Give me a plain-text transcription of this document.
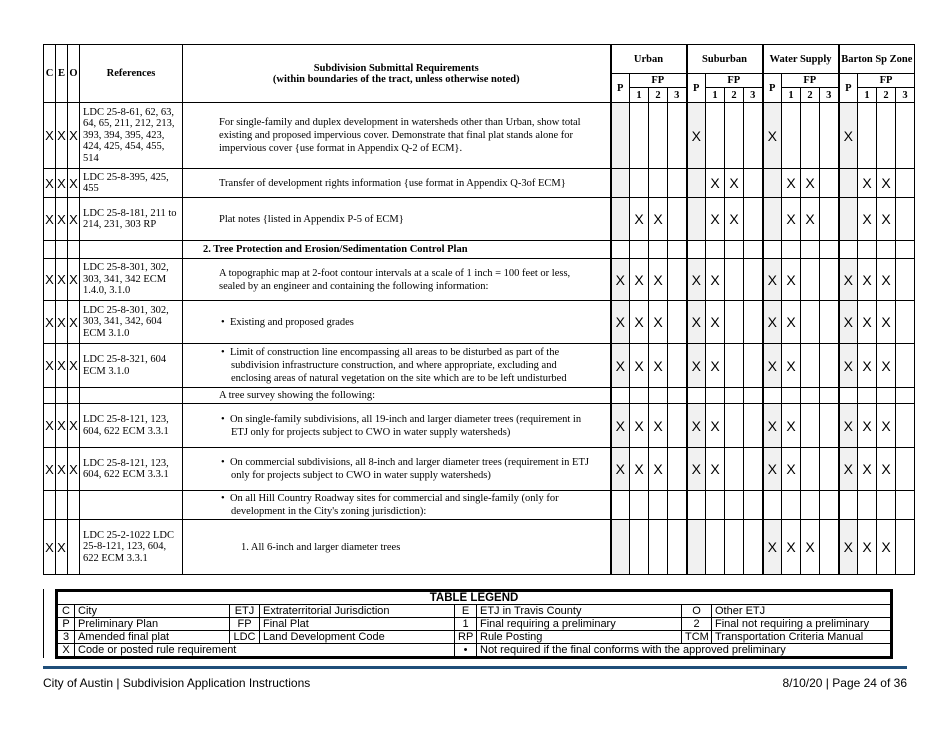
C	E	O	References	Subdivision Submittal Requirements
(within boundaries of the tract, unless otherwise noted)	Urban				Suburban				Water Supply				Barton Sp Zone			
					P	FP			P	FP			P	FP			P	FP		
						1	2	3		1	2	3		1	2	3		1	2	3
X	X	X	LDC 25-8-61, 62, 63, 64, 65, 211, 212, 213, 393, 394, 395, 423, 424, 425, 454, 455, 514	For single-family and duplex development in watersheds other than Urban, show total existing and proposed impervious cover. Demonstrate that final plat stands alone for impervious cover {use format in Appendix Q-2 of ECM}.					X				X				X			
X	X	X	LDC 25-8-395, 425, 455	Transfer of development rights information {use format in Appendix Q-3of ECM}						X	X			X	X			X	X	
X	X	X	LDC 25-8-181, 211 to 214, 231, 303 RP	Plat notes {listed in Appendix P-5 of ECM}		X	X			X	X			X	X			X	X	
				2. Tree Protection and Erosion/Sedimentation Control Plan																
X	X	X	LDC 25-8-301, 302, 303, 341, 342 ECM 1.4.0, 3.1.0	A topographic map at 2-foot contour intervals at a scale of 1 inch = 100 feet or less, sealed by an engineer and containing the following information:	X	X	X		X	X			X	X			X	X	X	
X	X	X	LDC 25-8-301, 302, 303, 341, 342, 604 ECM 3.1.0	•  Existing and proposed grades	X	X	X		X	X			X	X			X	X	X	
X	X	X	LDC 25-8-321, 604 ECM 3.1.0	•  Limit of construction line encompassing all areas to be disturbed as part of the subdivision infrastructure construction, and where appropriate, excluding and enclosing areas of natural vegetation on the site which are to be left undisturbed	X	X	X		X	X			X	X			X	X	X	

				A tree survey showing the following:																

X	X	X	LDC 25-8-121, 123, 604, 622 ECM 3.3.1	•  On single-family subdivisions, all 19-inch and larger diameter trees (requirement in ETJ only for projects subject to CWO in water supply watersheds)	X	X	X		X	X			X	X			X	X	X	
X	X	X	LDC 25-8-121, 123, 604, 622 ECM 3.3.1	•  On commercial subdivisions, all 8-inch and larger diameter trees (requirement in ETJ only for projects subject to CWO in water supply watersheds)	X	X	X		X	X			X	X			X	X	X	

				•  On all Hill Country Roadway sites for commercial and single-family (only for development in the City's zoning jurisdiction):

X	X		LDC 25-2-1022 LDC 25-8-121, 123, 604, 622 ECM 3.3.1	1. All 6-inch and larger diameter trees									X	X	X		X	X	X	
TABLE LEGEND							
C	City	ETJ	Extraterritorial Jurisdiction	E	ETJ in Travis County	O	Other ETJ
P	Preliminary Plan	FP	Final Plat	1	Final requiring a preliminary	2	Final not requiring a preliminary
3	Amended final plat	LDC	Land Development Code	RP	Rule Posting	TCM	Transportation Criteria Manual
X	Code or posted rule requirement			•	Not required if the final conforms with the approved preliminary		
City of Austin | Subdivision Application Instructions	8/10/20 | Page 24 of 36
